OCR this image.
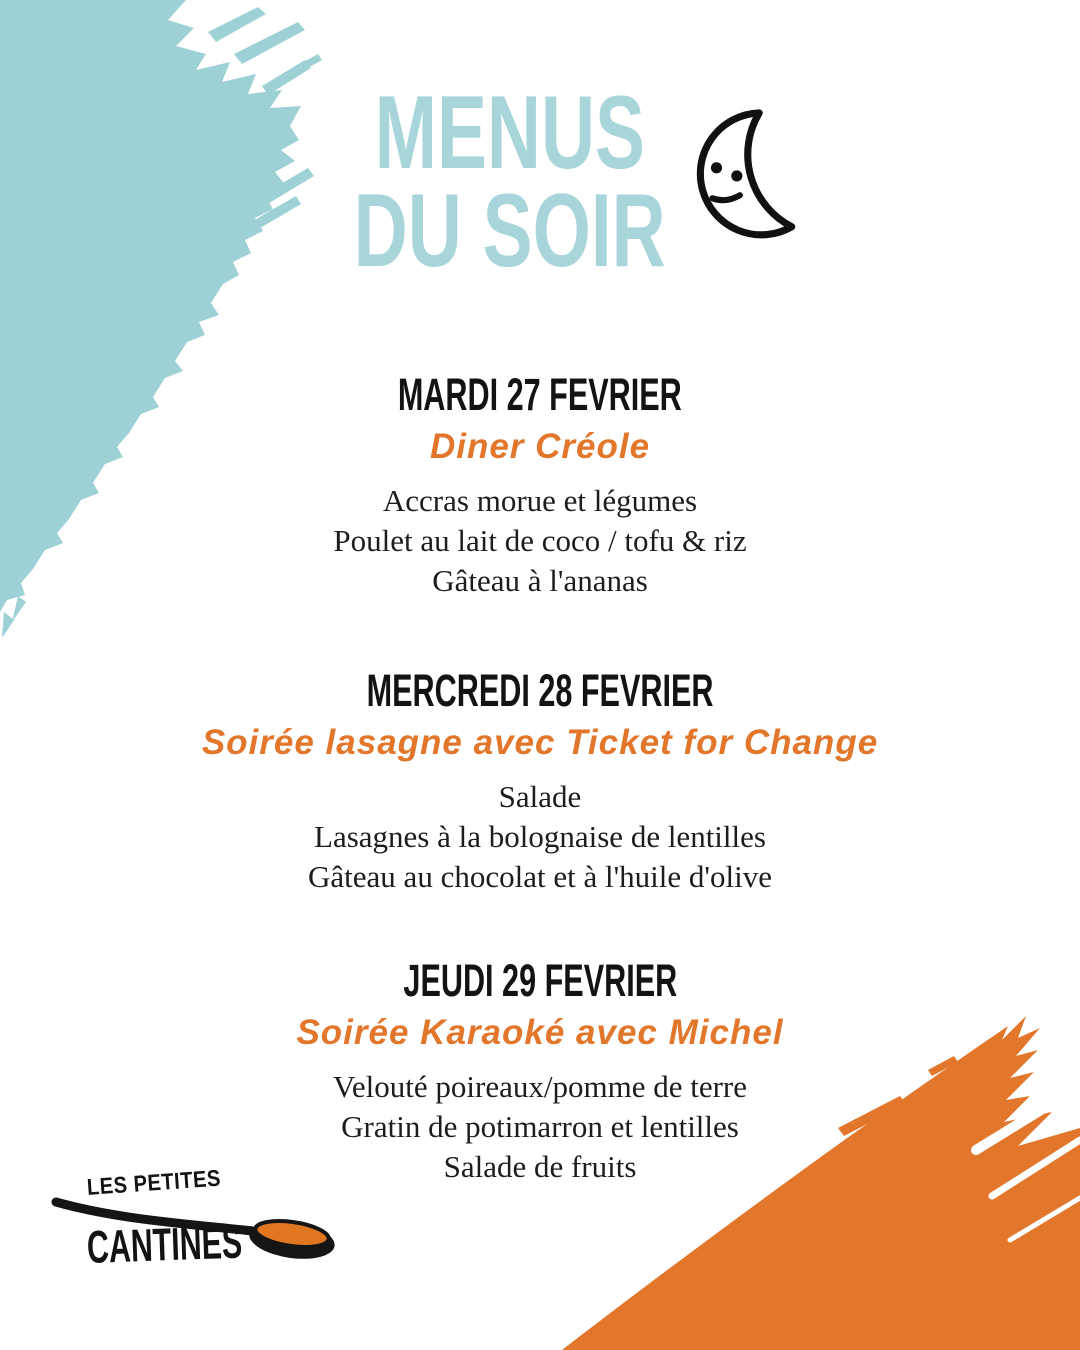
MENUS
DU SOIR
MARDI 27 FEVRIER
Diner Créole
Accras morue et légumes
Poulet au lait de coco / tofu & riz
Gâteau à l'ananas
MERCREDI 28 FEVRIER
Soirée lasagne avec Ticket for Change
Salade
Lasagnes à la bolognaise de lentilles
Gâteau au chocolat et à l'huile d'olive
JEUDI 29 FEVRIER
Soirée Karaoké avec Michel
Velouté poireaux/pomme de terre
Gratin de potimarron et lentilles
Salade de fruits
LES PETITES
CANTINES
